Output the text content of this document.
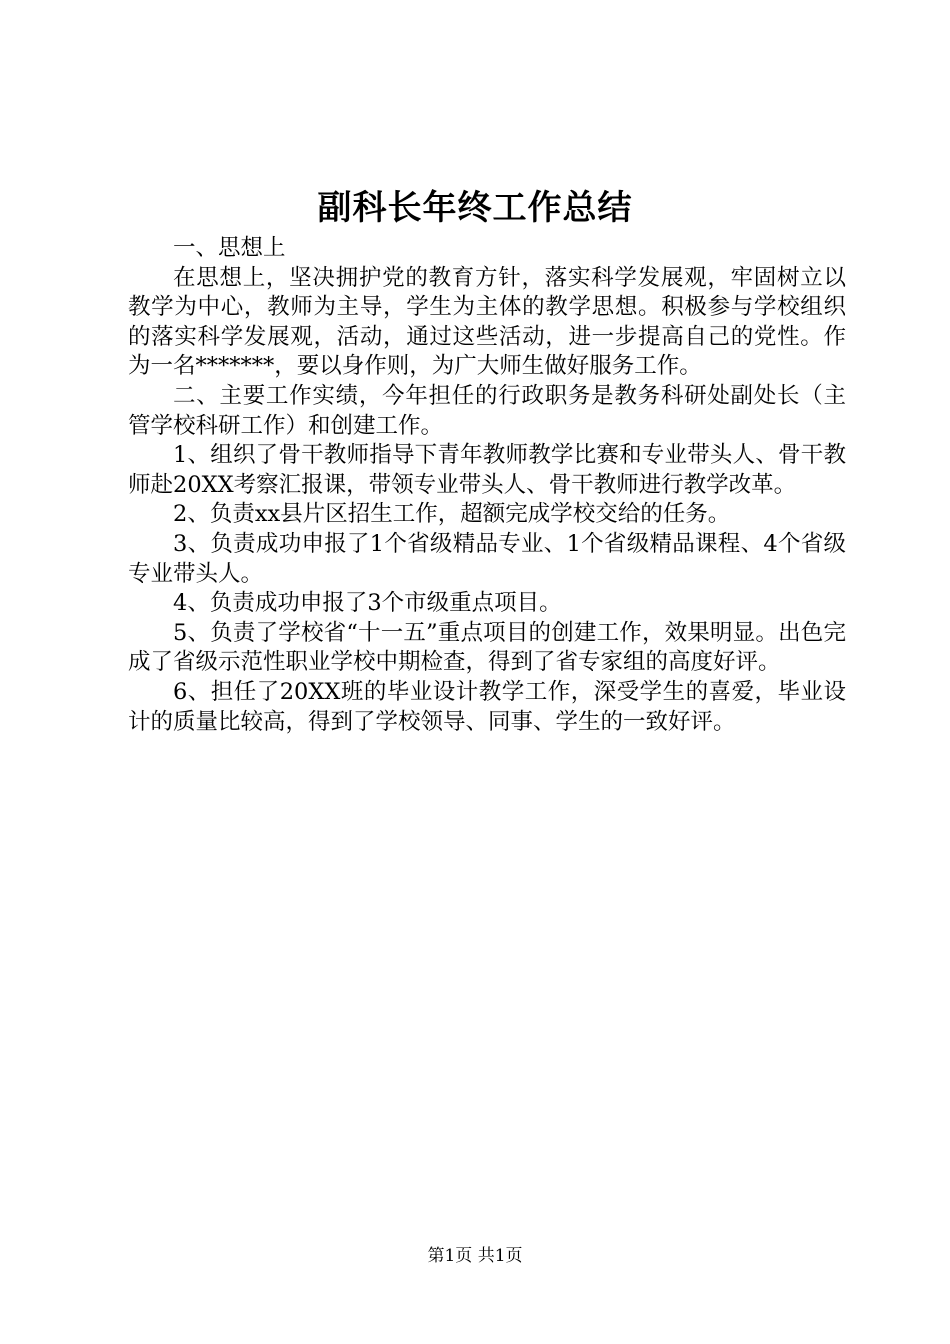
副科长年终工作总结

一、思想上

在思想上，坚决拥护党的教育方针，落实科学发展观，牢固树立以教学为中心，教师为主导，学生为主体的教学思想。积极参与学校组织的落实科学发展观，活动，通过这些活动，进一步提高自己的党性。作为一名*******，要以身作则，为广大师生做好服务工作。

二、主要工作实绩，今年担任的行政职务是教务科研处副处长（主管学校科研工作）和创建工作。

1、组织了骨干教师指导下青年教师教学比赛和专业带头人、骨干教师赴20XX考察汇报课，带领专业带头人、骨干教师进行教学改革。

2、负责xx县片区招生工作，超额完成学校交给的任务。

3、负责成功申报了1个省级精品专业、1个省级精品课程、4个省级专业带头人。

4、负责成功申报了3个市级重点项目。

5、负责了学校省“十一五”重点项目的创建工作，效果明显。出色完成了省级示范性职业学校中期检查，得到了省专家组的高度好评。

6、担任了20XX班的毕业设计教学工作，深受学生的喜爱，毕业设计的质量比较高，得到了学校领导、同事、学生的一致好评。

第1页 共1页
